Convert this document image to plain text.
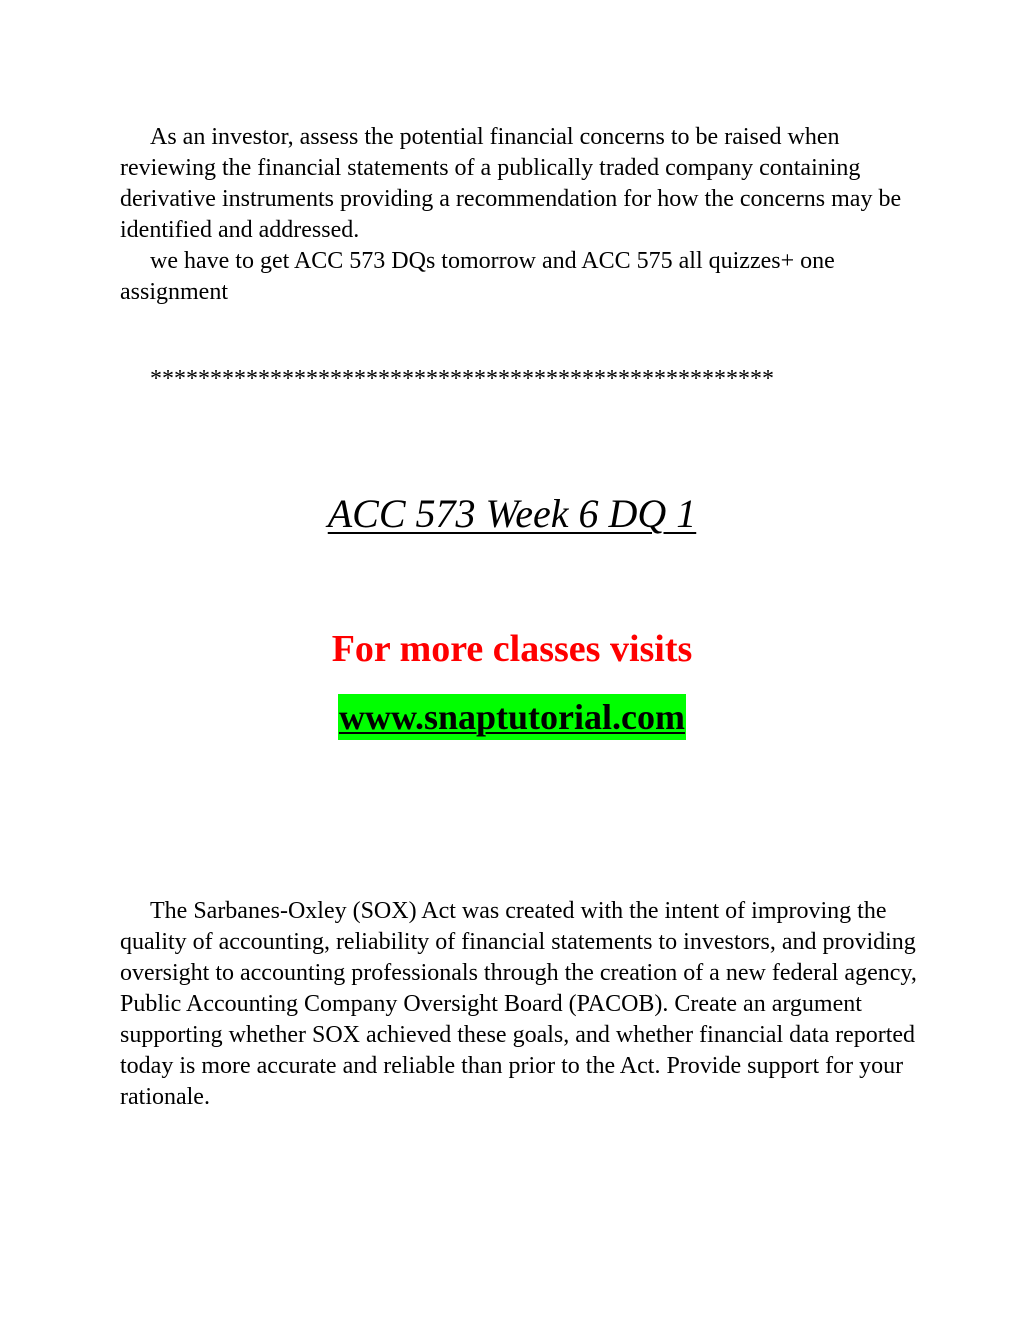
As an investor, assess the potential financial concerns to be raised when reviewing the financial statements of a publically traded company containing derivative instruments providing a recommendation for how the concerns may be identified and addressed.

we have to get ACC 573 DQs tomorrow and ACC 575 all quizzes+ one assignment

****************************************************
ACC 573 Week 6 DQ 1

For more classes visits

www.snaptutorial.com

The Sarbanes-Oxley (SOX) Act was created with the intent of improving the quality of accounting, reliability of financial statements to investors, and providing oversight to accounting professionals through the creation of a new federal agency, Public Accounting Company Oversight Board (PACOB). Create an argument supporting whether SOX achieved these goals, and whether financial data reported today is more accurate and reliable than prior to the Act. Provide support for your rationale.
